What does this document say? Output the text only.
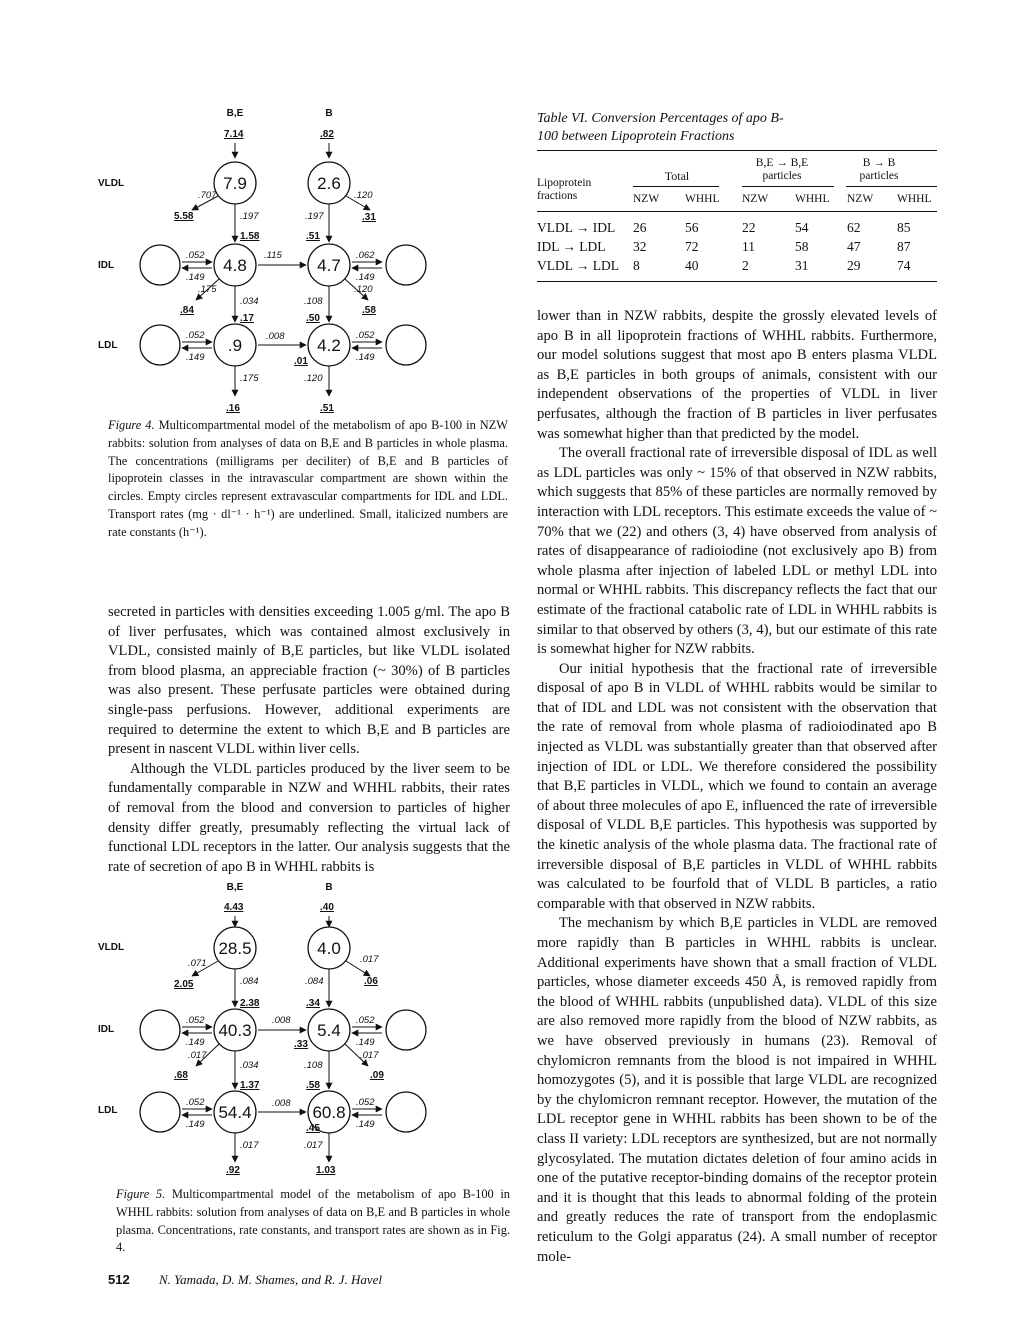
VLDL
IDL
LDL
B,E	B
7.14	.82
7.9	2.6
4.8	4.7
.9	4.2
.707	.120
5.58	.31
.197	.197
1.58	.51
.052
.149
.062
.149
.115
.175
.84
.120
.58
.034	.108
.17	.50
.052
.149
.052
.149
.008
.01
.175	.120
.16	.51
Figure 4. Multicompartmental model of the metabolism of apo B-100 in NZW rabbits: solution from analyses of data on B,E and B particles in whole plasma. The concentrations (milligrams per deciliter) of B,E and B particles of lipoprotein classes in the intravascular compartment are shown within the circles. Empty circles represent extravascular compartments for IDL and LDL. Transport rates (mg · dl⁻¹ · h⁻¹) are underlined. Small, italicized numbers are rate constants (h⁻¹).

secreted in particles with densities exceeding 1.005 g/ml. The apo B of liver perfusates, which was contained almost exclusively in VLDL, consisted mainly of B,E particles, but like VLDL isolated from blood plasma, an appreciable fraction (~ 30%) of B particles was also present. These perfusate particles were obtained during single-pass perfusions. However, additional experiments are required to determine the extent to which B,E and B particles are present in nascent VLDL within liver cells.

Although the VLDL particles produced by the liver seem to be fundamentally comparable in NZW and WHHL rabbits, their rates of removal from the blood and conversion to particles of higher density differ greatly, presumably reflecting the virtual lack of functional LDL receptors in the latter. Our analysis suggests that the rate of secretion of apo B in WHHL rabbits is

VLDL
IDL
LDL
B,E	B
4.43	.40
28.5	4.0
40.3	5.4
54.4	60.8
.071	.017
2.05	.06
.084	.084
2.38	.34
.052
.149
.052
.149
.008
.33
.017
.68
.017
.09
.034	.108
1.37	.58
.052
.149
.052
.149
.008
.45
.017	.017
.92	1.03
Figure 5. Multicompartmental model of the metabolism of apo B-100 in WHHL rabbits: solution from analyses of data on B,E and B particles in whole plasma. Concentrations, rate constants, and transport rates are shown as in Fig. 4.
Table VI. Conversion Percentages of apo B-100 between Lipoprotein Fractions
Lipoprotein fractions
Total
B,E → B,E particles
B → B particles
NZW WHHL NZW WHHL NZW WHHL
VLDL → IDL	26	56	22	54	62	85
IDL → LDL	32	72	11	58	47	87
VLDL → LDL	8	40	2	31	29	74

lower than in NZW rabbits, despite the grossly elevated levels of apo B in all lipoprotein fractions of WHHL rabbits. Furthermore, our model solutions suggest that most apo B enters plasma VLDL as B,E particles in both groups of animals, consistent with our independent observations of the properties of VLDL in liver perfusates, although the fraction of B particles in liver perfusates was somewhat higher than that predicted by the model.

The overall fractional rate of irreversible disposal of IDL as well as LDL particles was only ~ 15% of that observed in NZW rabbits, which suggests that 85% of these particles are normally removed by interaction with LDL receptors. This estimate exceeds the value of ~ 70% that we (22) and others (3, 4) have observed from analysis of rates of disappearance of radioiodine (not exclusively apo B) from whole plasma after injection of labeled LDL or methyl LDL into normal or WHHL rabbits. This discrepancy reflects the fact that our estimate of the fractional catabolic rate of LDL in WHHL rabbits is similar to that observed by others (3, 4), but our estimate of this rate is somewhat higher for NZW rabbits.

Our initial hypothesis that the fractional rate of irreversible disposal of apo B in VLDL of WHHL rabbits would be similar to that of IDL and LDL was not consistent with the observation that the rate of removal from whole plasma of radioiodinated apo B injected as VLDL was substantially greater than that observed after injection of IDL or LDL. We therefore considered the possibility that B,E particles in VLDL, which we found to contain an average of about three molecules of apo E, influenced the rate of irreversible disposal of VLDL B,E particles. This hypothesis was supported by the kinetic analysis of the whole plasma data. The fractional rate of irreversible disposal of B,E particles in VLDL of WHHL rabbits was calculated to be fourfold that of VLDL B particles, a ratio comparable with that observed in NZW rabbits.

The mechanism by which B,E particles in VLDL are removed more rapidly than B particles in WHHL rabbits is unclear. Additional experiments have shown that a small fraction of VLDL particles, whose diameter exceeds 450 Å, is removed rapidly from the blood of WHHL rabbits (unpublished data). VLDL of this size are also removed more rapidly from the blood of NZW rabbits, as we have observed previously in humans (23). Removal of chylomicron remnants from the blood is not impaired in WHHL homozygotes (5), and it is possible that large VLDL are recognized by the chylomicron remnant receptor. However, the mutation of the LDL receptor gene in WHHL rabbits has been shown to be of the class II variety: LDL receptors are synthesized, but are not normally glycosylated. The mutation dictates deletion of four amino acids in one of the putative receptor-binding domains of the receptor protein and it is thought that this leads to abnormal folding of the protein and greatly reduces the rate of transport from the endoplasmic reticulum to the Golgi apparatus (24). A small number of receptor mole-

512 N. Yamada, D. M. Shames, and R. J. Havel
